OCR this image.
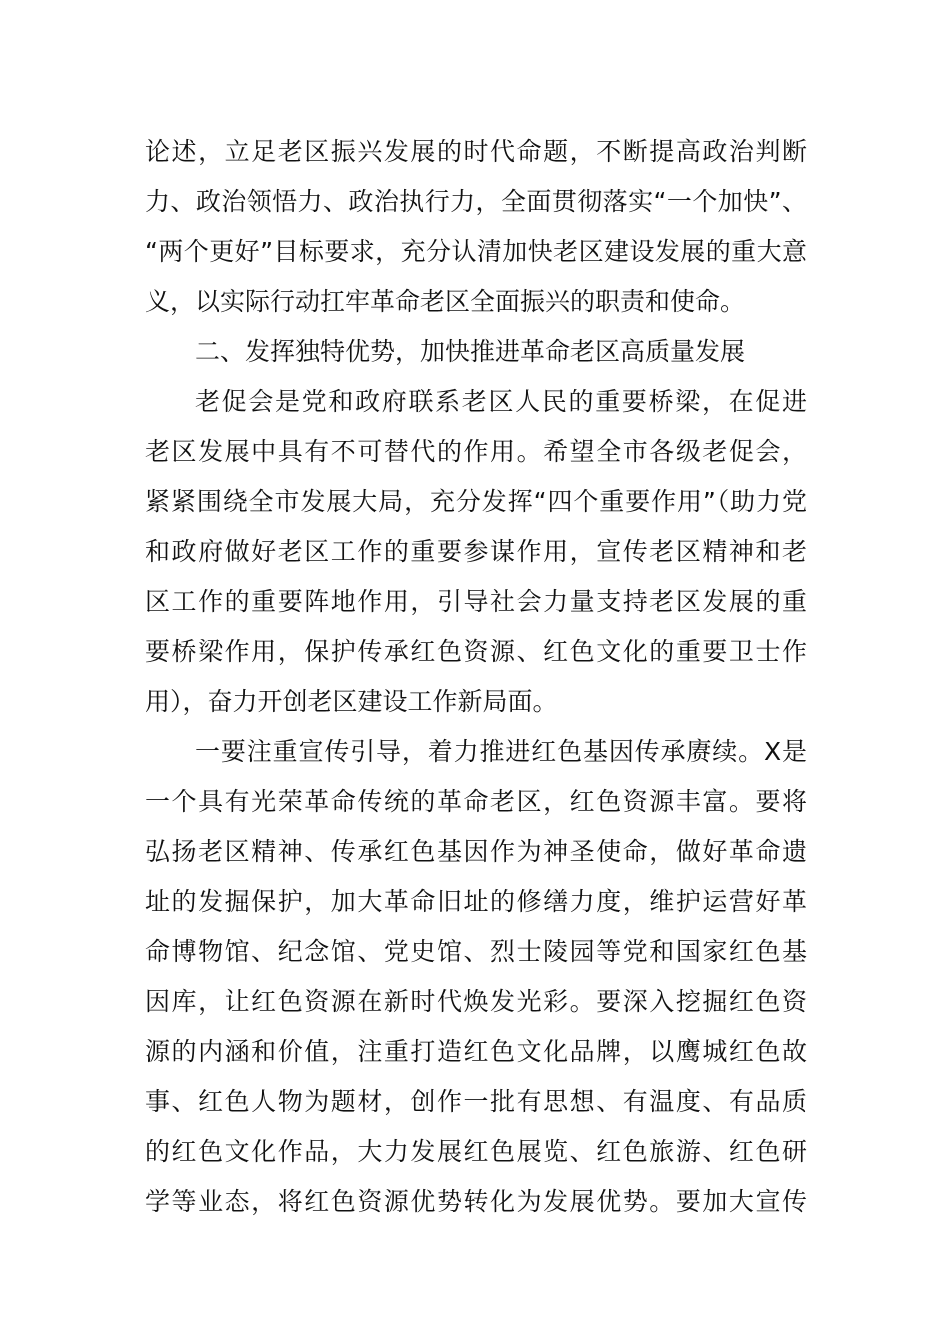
论述，立足老区振兴发展的时代命题，不断提高政治判断
力、政治领悟力、政治执行力，全面贯彻落实“一个加快”、
“两个更好”目标要求，充分认清加快老区建设发展的重大意
义，以实际行动扛牢革命老区全面振兴的职责和使命。
二、发挥独特优势，加快推进革命老区高质量发展
老促会是党和政府联系老区人民的重要桥梁，在促进
老区发展中具有不可替代的作用。希望全市各级老促会，
紧紧围绕全市发展大局，充分发挥“四个重要作用”（助力党
和政府做好老区工作的重要参谋作用，宣传老区精神和老
区工作的重要阵地作用，引导社会力量支持老区发展的重
要桥梁作用，保护传承红色资源、红色文化的重要卫士作
用），奋力开创老区建设工作新局面。
一要注重宣传引导，着力推进红色基因传承赓续。X是
一个具有光荣革命传统的革命老区，红色资源丰富。要将
弘扬老区精神、传承红色基因作为神圣使命，做好革命遗
址的发掘保护，加大革命旧址的修缮力度，维护运营好革
命博物馆、纪念馆、党史馆、烈士陵园等党和国家红色基
因库，让红色资源在新时代焕发光彩。要深入挖掘红色资
源的内涵和价值，注重打造红色文化品牌，以鹰城红色故
事、红色人物为题材，创作一批有思想、有温度、有品质
的红色文化作品，大力发展红色展览、红色旅游、红色研
学等业态，将红色资源优势转化为发展优势。要加大宣传
